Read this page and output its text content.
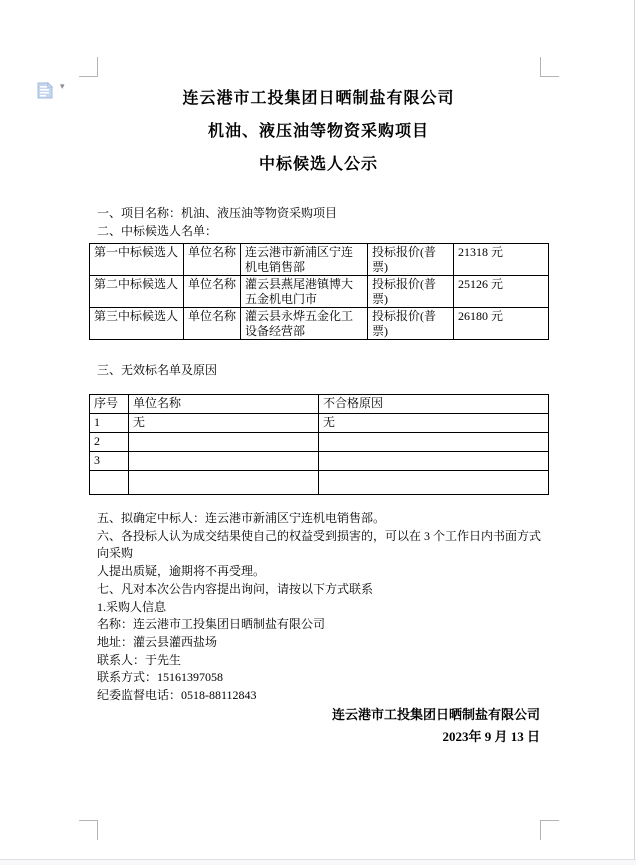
▾
连云港市工投集团日晒制盐有限公司
机油、液压油等物资采购项目
中标候选人公示
一、项目名称：机油、液压油等物资采购项目
二、中标候选人名单：
第一中标候选人	单位名称	连云港市新浦区宁连机电销售部	投标报价(普票)	21318 元
第二中标候选人	单位名称	灌云县燕尾港镇博大五金机电门市	投标报价(普票)	25126 元
第三中标候选人	单位名称	灌云县永烨五金化工设备经营部	投标报价(普票)	26180 元
三、无效标名单及原因
序号	单位名称	不合格原因
1	无	无
2		
3		

五、拟确定中标人：连云港市新浦区宁连机电销售部。
六、各投标人认为成交结果使自己的权益受到损害的，可以在 3 个工作日内书面方式向采购
人提出质疑，逾期将不再受理。
七、凡对本次公告内容提出询问，请按以下方式联系
1.采购人信息
名称：连云港市工投集团日晒制盐有限公司
地址：灌云县灌西盐场
联系人：于先生
联系方式：15161397058
纪委监督电话：0518-88112843
连云港市工投集团日晒制盐有限公司
2023年 9 月 13 日
